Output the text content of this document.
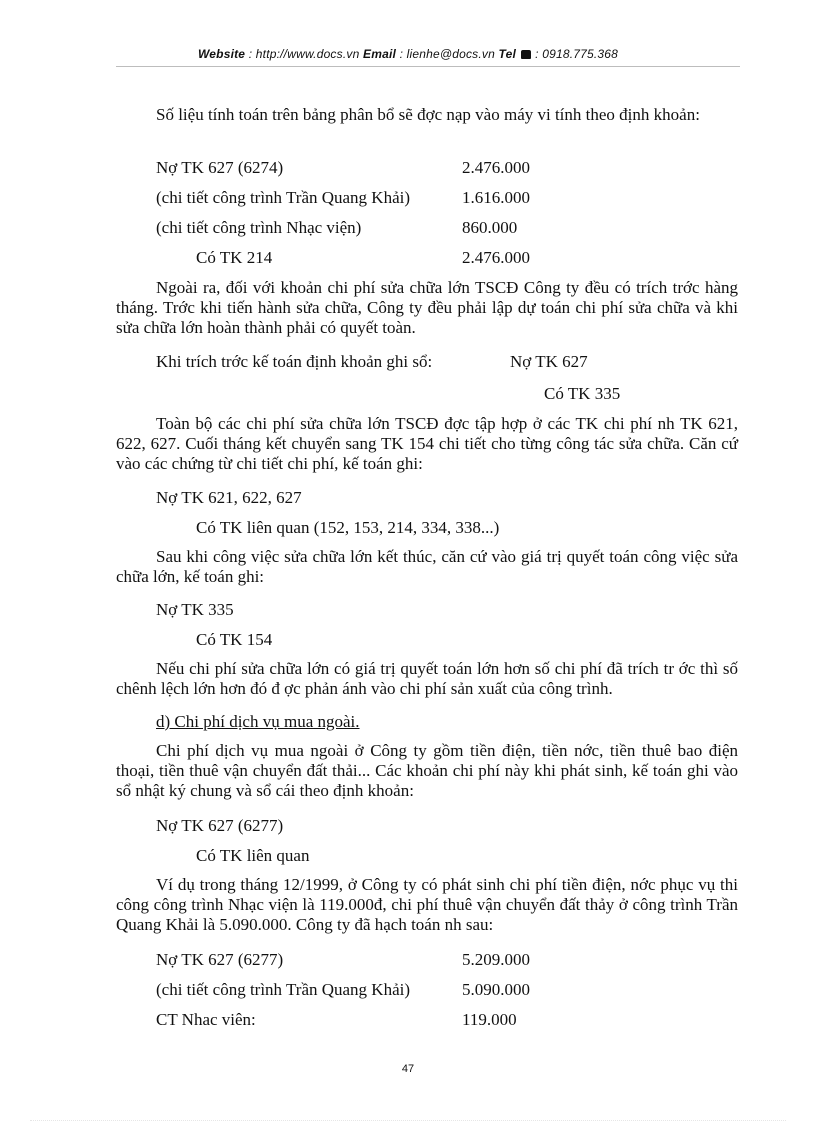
Website : http://www.docs.vn Email : lienhe@docs.vn Tel : 0918.775.368
Số liệu tính toán trên bảng phân bổ sẽ đợc nạp vào máy vi tính theo định khoản:
Nợ TK 627 (6274)	2.476.000
(chi tiết công trình Trần Quang Khải)	1.616.000
(chi tiết công trình Nhạc viện)	860.000
Có TK 214	2.476.000
Ngoài ra, đối với khoản chi phí sửa chữa lớn TSCĐ Công ty đều có trích trớc hàng tháng. Trớc khi tiến hành sửa chữa, Công ty đều phải lập dự toán chi phí sửa chữa và khi sửa chữa lớn hoàn thành phải có quyết toàn.
Khi trích trớc kế toán định khoản ghi sổ:	Nợ TK 627
Có TK 335
Toàn bộ các chi phí sửa chữa lớn TSCĐ đợc tập hợp ở các TK chi phí nh TK 621, 622, 627. Cuối tháng kết chuyển sang TK 154 chi tiết cho từng công tác sửa chữa. Căn cứ vào các chứng từ chi tiết chi phí, kế toán ghi:
Nợ TK 621, 622, 627
Có TK liên quan (152, 153, 214, 334, 338...)
Sau khi công việc sửa chữa lớn kết thúc, căn cứ vào giá trị quyết toán công việc sửa chữa lớn, kế toán ghi:
Nợ TK 335
Có TK 154
Nếu chi phí sửa chữa lớn có giá trị quyết toán lớn hơn số chi phí đã trích tr ớc thì số chênh lệch lớn hơn đó đ ợc phản ánh vào chi phí sản xuất của công trình.
d) Chi phí dịch vụ mua ngoài.
Chi phí dịch vụ mua ngoài ở Công ty gồm tiền điện, tiền nớc, tiền thuê bao điện thoại, tiền thuê vận chuyển đất thải... Các khoản chi phí này khi phát sinh, kế toán ghi vào sổ nhật ký chung và sổ cái theo định khoản:
Nợ TK 627 (6277)
Có TK liên quan
Ví dụ trong tháng 12/1999, ở Công ty có phát sinh chi phí tiền điện, nớc phục vụ thi công công trình Nhạc viện là 119.000đ, chi phí thuê vận chuyển đất thảy ở công trình Trần Quang Khải là 5.090.000. Công ty đã hạch toán nh sau:
Nợ TK 627 (6277)	5.209.000
(chi tiết công trình Trần Quang Khải)	5.090.000
CT Nhac viên:	119.000
47
